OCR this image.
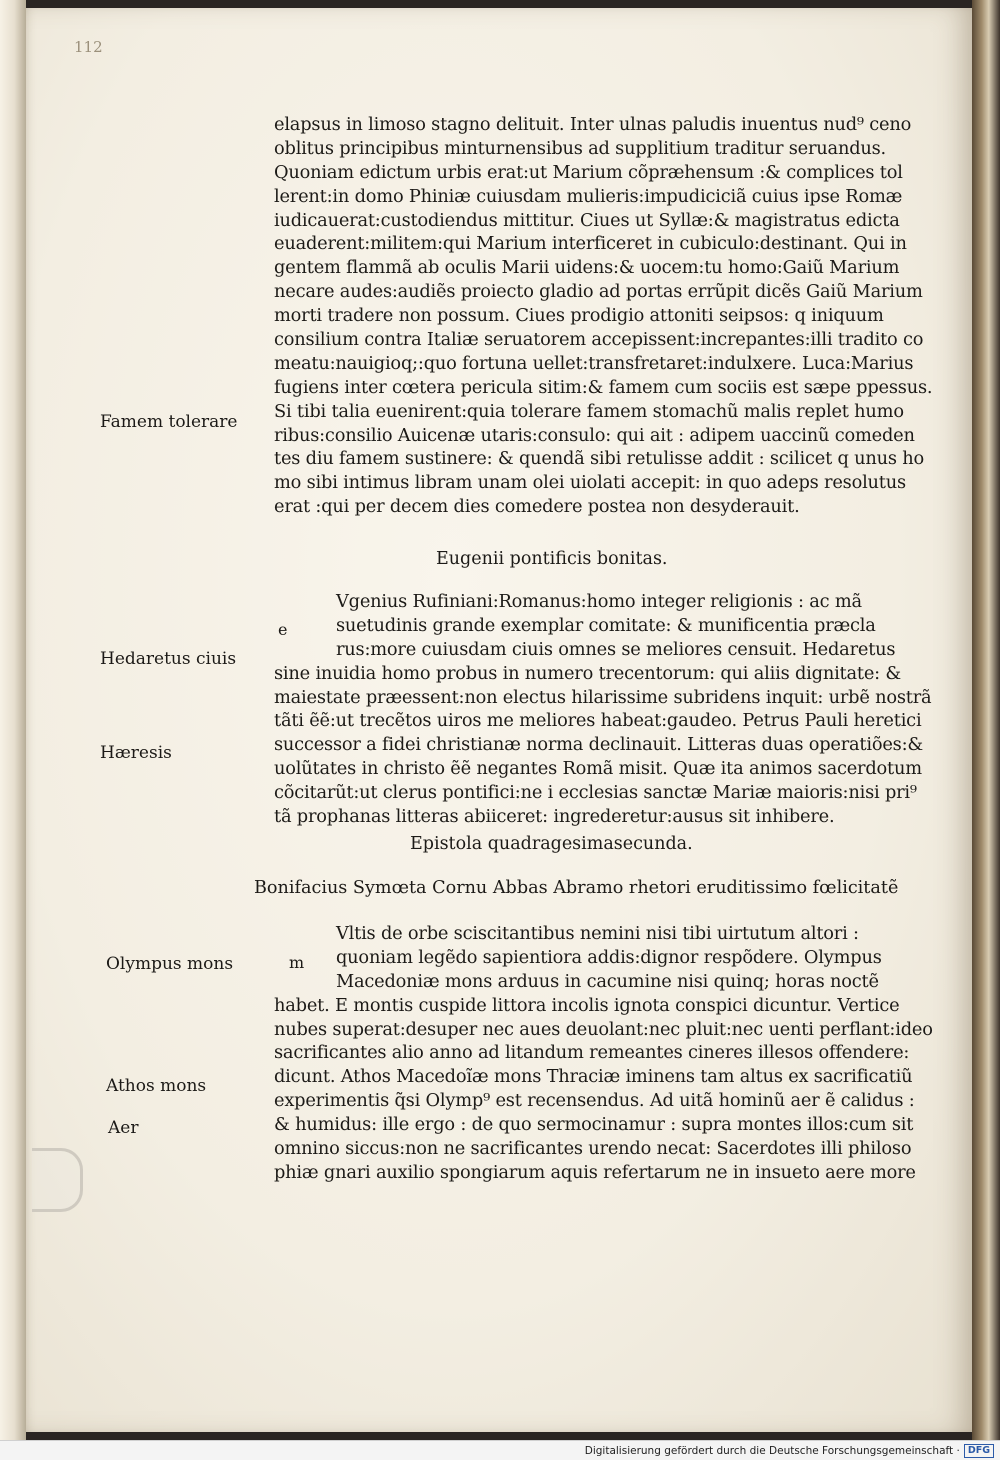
112
elapsus in limoso stagno delituit. Inter ulnas paludis inuentus nud⁹ ceno
oblitus principibus minturnensibus ad supplitium traditur seruandus.
Quoniam edictum urbis erat:ut Marium cõpræhensum :& complices tol
lerent:in domo Phiniæ cuiusdam mulieris:impudiciciã cuius ipse Romæ
iudicauerat:custodiendus mittitur. Ciues ut Syllæ:& magistratus edicta
euaderent:militem:qui Marium interficeret in cubiculo:destinant. Qui in
gentem flammã ab oculis Marii uidens:& uocem:tu homo:Gaiũ Marium
necare audes:audiẽs proiecto gladio ad portas errũpit dicẽs Gaiũ Marium
morti tradere non possum. Ciues prodigio attoniti seipsos: q iniquum
consilium contra Italiæ seruatorem accepissent:increpantes:illi tradito co
meatu:nauigioq;:quo fortuna uellet:transfretaret:indulxere. Luca:Marius
fugiens inter cœtera pericula sitim:& famem cum sociis est sæpe ppessus.
Si tibi talia euenirent:quia tolerare famem stomachũ malis replet humo
ribus:consilio Auicenæ utaris:consulo: qui ait : adipem uaccinũ comeden
tes diu famem sustinere: & quendã sibi retulisse addit : scilicet q unus ho
mo sibi intimus libram unam olei uiolati accepit: in quo adeps resolutus
erat :qui per decem dies comedere postea non desyderauit.
Eugenii pontificis bonitas.
e
Vgenius Rufiniani:Romanus:homo integer religionis : ac mã
suetudinis grande exemplar comitate: & munificentia præcla
rus:more cuiusdam ciuis omnes se meliores censuit. Hedaretus
sine inuidia homo probus in numero trecentorum: qui aliis dignitate: &
maiestate præessent:non electus hilarissime subridens inquit: urbẽ nostrã
tãti ẽẽ:ut trecẽtos uiros me meliores habeat:gaudeo. Petrus Pauli heretici
successor a fidei christianæ norma declinauit. Litteras duas operatiões:&
uolũtates in christo ẽẽ negantes Romã misit. Quæ ita animos sacerdotum
cõcitarũt:ut clerus pontifici:ne i ecclesias sanctæ Mariæ maioris:nisi pri⁹
tã prophanas litteras abiiceret: ingrederetur:ausus sit inhibere.
Epistola quadragesimasecunda.
Bonifacius Symœta Cornu Abbas Abramo rhetori eruditissimo fœlicitatẽ
m
Vltis de orbe sciscitantibus nemini nisi tibi uirtutum altori :
quoniam legẽdo sapientiora addis:dignor respõdere. Olympus
Macedoniæ mons arduus in cacumine nisi quinq; horas noctẽ
habet. E montis cuspide littora incolis ignota conspici dicuntur. Vertice
nubes superat:desuper nec aues deuolant:nec pluit:nec uenti perflant:ideo
sacrificantes alio anno ad litandum remeantes cineres illesos offendere:
dicunt. Athos Macedoĩæ mons Thraciæ iminens tam altus ex sacrificatiũ
experimentis q̃si Olymp⁹ est recensendus. Ad uitã hominũ aer ẽ calidus :
& humidus: ille ergo : de quo sermocinamur : supra montes illos:cum sit
omnino siccus:non ne sacrificantes urendo necat: Sacerdotes illi philoso
phiæ gnari auxilio spongiarum aquis refertarum ne in insueto aere more
Famem tolerare
Hedaretus ciuis
Hæresis
Olympus mons
Athos mons
Aer
Digitalisierung gefördert durch die Deutsche Forschungsgemeinschaft · DFG
